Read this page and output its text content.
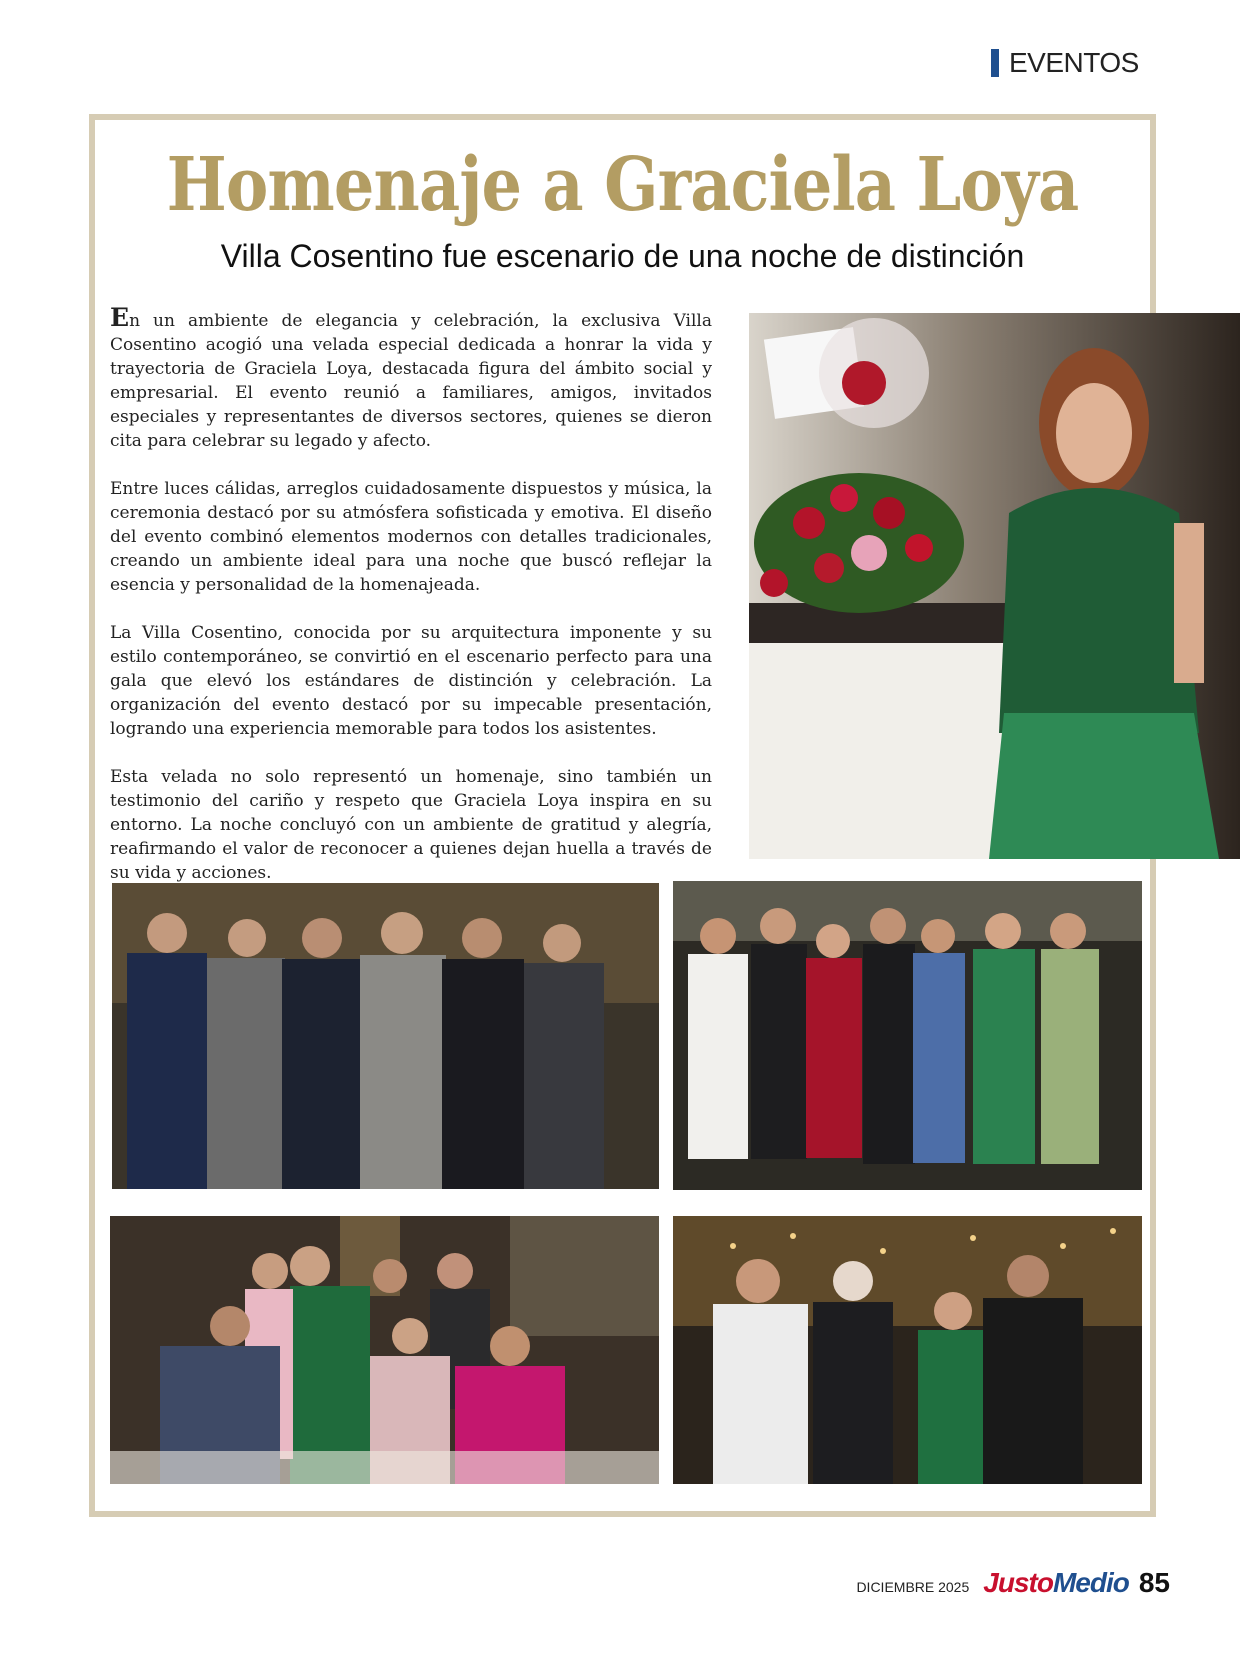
EVENTOS
Homenaje a Graciela Loya
Villa Cosentino fue escenario de una noche de distinción

En un ambiente de elegancia y celebración, la exclusiva Villa Cosentino acogió una velada especial dedicada a honrar la vida y trayectoria de Graciela Loya, destacada figura del ámbito social y empresarial. El evento reunió a familiares, amigos, invitados especiales y representantes de diversos sectores, quienes se dieron cita para celebrar su legado y afecto.

Entre luces cálidas, arreglos cuidadosamente dispuestos y música, la ceremonia destacó por su atmósfera sofisticada y emotiva. El diseño del evento combinó elementos modernos con detalles tradicionales, creando un ambiente ideal para una noche que buscó reflejar la esencia y personalidad de la homenajeada.

La Villa Cosentino, conocida por su arquitectura imponente y su estilo contemporáneo, se convirtió en el escenario perfecto para una gala que elevó los estándares de distinción y celebración. La organización del evento destacó por su impecable presentación, logrando una experiencia memorable para todos los asistentes.

Esta velada no solo representó un homenaje, sino también un testimonio del cariño y respeto que Graciela Loya inspira en su entorno. La noche concluyó con un ambiente de gratitud y alegría, reafirmando el valor de reconocer a quienes dejan huella a través de su vida y acciones.

DICIEMBRE 2025 JustoMedio 85
